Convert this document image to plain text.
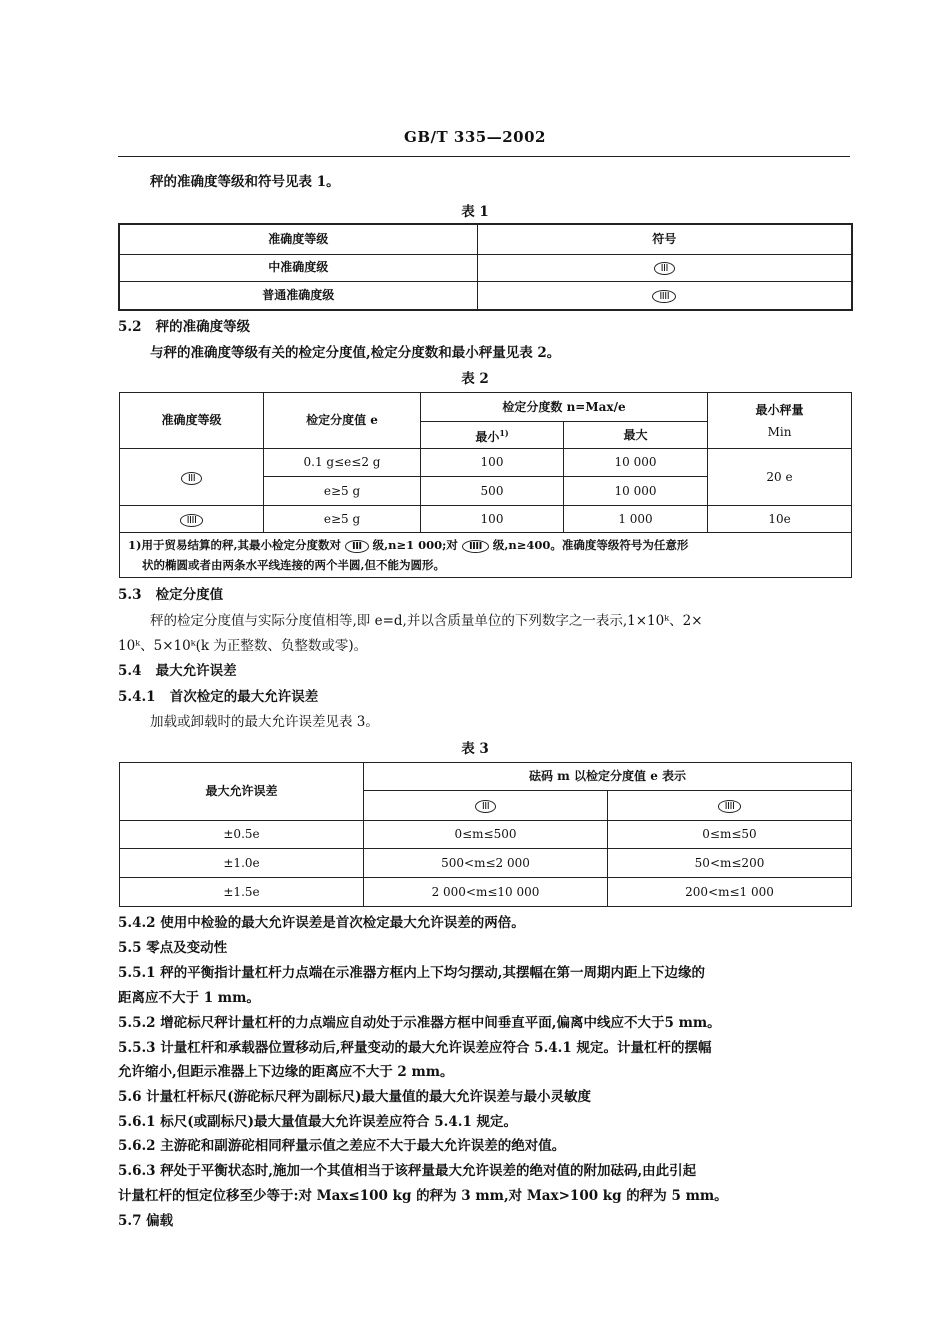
GB/T 335—2002
秤的准确度等级和符号见表 1。
表 1
准确度等级	符号
中准确度级	III
普通准确度级	IIII
5.2 秤的准确度等级
与秤的准确度等级有关的检定分度值,检定分度数和最小秤量见表 2。
表 2
准确度等级	检定分度值 e	检定分度数 n=Max/e		最小秤量
Min

		最小$^{1)}$	最大	
III	0.1 g≤e≤2 g	100	10 000	20 e
	e≥5 g	500	10 000	
IIII	e≥5 g	100	1 000	10e

1)用于贸易结算的秤,其最小检定分度数对 III 级,n≥1 000;对 IIII 级,n≥400。准确度等级符号为任意形
状的椭圆或者由两条水平线连接的两个半圆,但不能为圆形。				
5.3 检定分度值
秤的检定分度值与实际分度值相等,即 e=d,并以含质量单位的下列数字之一表示,1×10ᵏ、2×
10ᵏ、5×10ᵏ(k 为正整数、负整数或零)。
5.4 最大允许误差
5.4.1 首次检定的最大允许误差
加载或卸载时的最大允许误差见表 3。
表 3
最大允许误差	砝码 m 以检定分度值 e 表示	
	III	IIII
±0.5e	0≤m≤500	0≤m≤50
±1.0e	500<m≤2 000	50<m≤200
±1.5e	2 000<m≤10 000	200<m≤1 000
5.4.2 使用中检验的最大允许误差是首次检定最大允许误差的两倍。
5.5 零点及变动性
5.5.1 秤的平衡指计量杠杆力点端在示准器方框内上下均匀摆动,其摆幅在第一周期内距上下边缘的
距离应不大于 1 mm。
5.5.2 增砣标尺秤计量杠杆的力点端应自动处于示准器方框中间垂直平面,偏离中线应不大于5 mm。
5.5.3 计量杠杆和承载器位置移动后,秤量变动的最大允许误差应符合 5.4.1 规定。计量杠杆的摆幅
允许缩小,但距示准器上下边缘的距离应不大于 2 mm。
5.6 计量杠杆标尺(游砣标尺秤为副标尺)最大量值的最大允许误差与最小灵敏度
5.6.1 标尺(或副标尺)最大量值最大允许误差应符合 5.4.1 规定。
5.6.2 主游砣和副游砣相同秤量示值之差应不大于最大允许误差的绝对值。
5.6.3 秤处于平衡状态时,施加一个其值相当于该秤量最大允许误差的绝对值的附加砝码,由此引起
计量杠杆的恒定位移至少等于:对 Max≤100 kg 的秤为 3 mm,对 Max>100 kg 的秤为 5 mm。
5.7 偏载
